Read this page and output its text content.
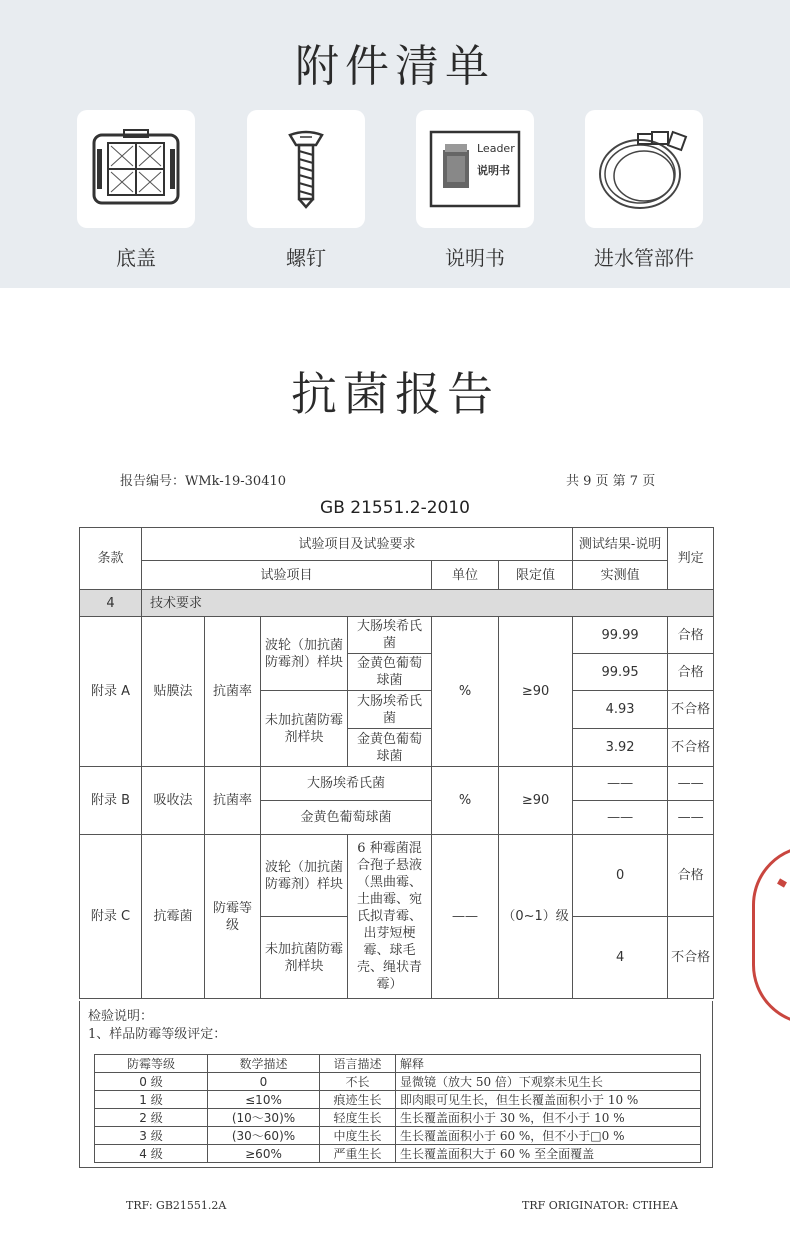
附件清单
底盖	螺钉
Leader
说明书
说明书	进水管部件
抗菌报告
报告编号：WMk-19-30410	共 9 页 第 7 页
GB 21551.2-2010
条款	试验项目及试验要求						测试结果-说明	判定
	试验项目				单位	限定值	实测值	
4	技术要求							
附录 A	贴膜法	抗菌率	波轮（加抗菌防霉剂）样块	大肠埃希氏菌	%	≥90	99.99	合格
				金黄色葡萄球菌			99.95	合格
			未加抗菌防霉剂样块	大肠埃希氏菌			4.93	不合格
				金黄色葡萄球菌			3.92	不合格
附录 B	吸收法	抗菌率	大肠埃希氏菌		%	≥90	——	——
			金黄色葡萄球菌				——	——
附录 C	抗霉菌	防霉等级	波轮（加抗菌防霉剂）样块	6 种霉菌混合孢子悬液（黑曲霉、土曲霉、宛氏拟青霉、出芽短梗霉、球毛壳、绳状青霉）	——	（0~1）级	0	合格
			未加抗菌防霉剂样块				4	不合格
检验说明：
1、样品防霉等级评定：
防霉等级	数学描述	语言描述	解释
0 级	0	不长	显微镜（放大 50 倍）下观察未见生长
1 级	≤10%	痕迹生长	即肉眼可见生长，但生长覆盖面积小于 10 %
2 级	(10～30)%	轻度生长	生长覆盖面积小于 30 %，但不小于 10 %
3 级	(30～60)%	中度生长	生长覆盖面积小于 60 %，但不小于□0 %
4 级	≥60%	严重生长	生长覆盖面积大于 60 % 至全面覆盖
TRF: GB21551.2A	TRF ORIGINATOR: CTIHEA
